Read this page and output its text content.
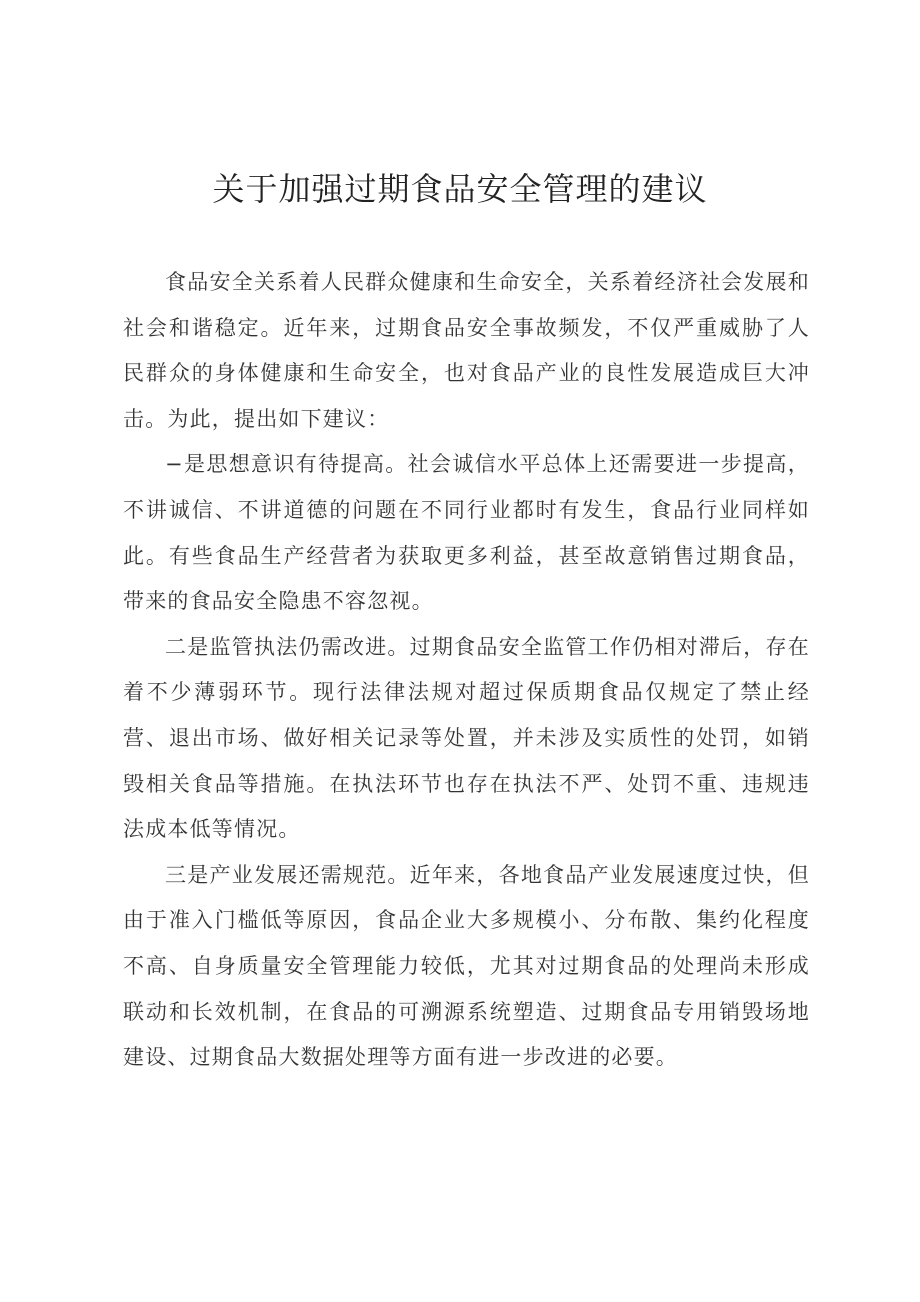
关于加强过期食品安全管理的建议

食品安全关系着人民群众健康和生命安全，关系着经济社会发展和社会和谐稳定。近年来，过期食品安全事故频发，不仅严重威胁了人民群众的身体健康和生命安全，也对食品产业的良性发展造成巨大冲击。为此，提出如下建议：

−是思想意识有待提高。社会诚信水平总体上还需要进一步提高，不讲诚信、不讲道德的问题在不同行业都时有发生，食品行业同样如此。有些食品生产经营者为获取更多利益，甚至故意销售过期食品，带来的食品安全隐患不容忽视。

二是监管执法仍需改进。过期食品安全监管工作仍相对滞后，存在着不少薄弱环节。现行法律法规对超过保质期食品仅规定了禁止经营、退出市场、做好相关记录等处置，并未涉及实质性的处罚，如销毁相关食品等措施。在执法环节也存在执法不严、处罚不重、违规违法成本低等情况。

三是产业发展还需规范。近年来，各地食品产业发展速度过快，但由于准入门槛低等原因，食品企业大多规模小、分布散、集约化程度不高、自身质量安全管理能力较低，尤其对过期食品的处理尚未形成联动和长效机制，在食品的可溯源系统塑造、过期食品专用销毁场地建设、过期食品大数据处理等方面有进一步改进的必要。
